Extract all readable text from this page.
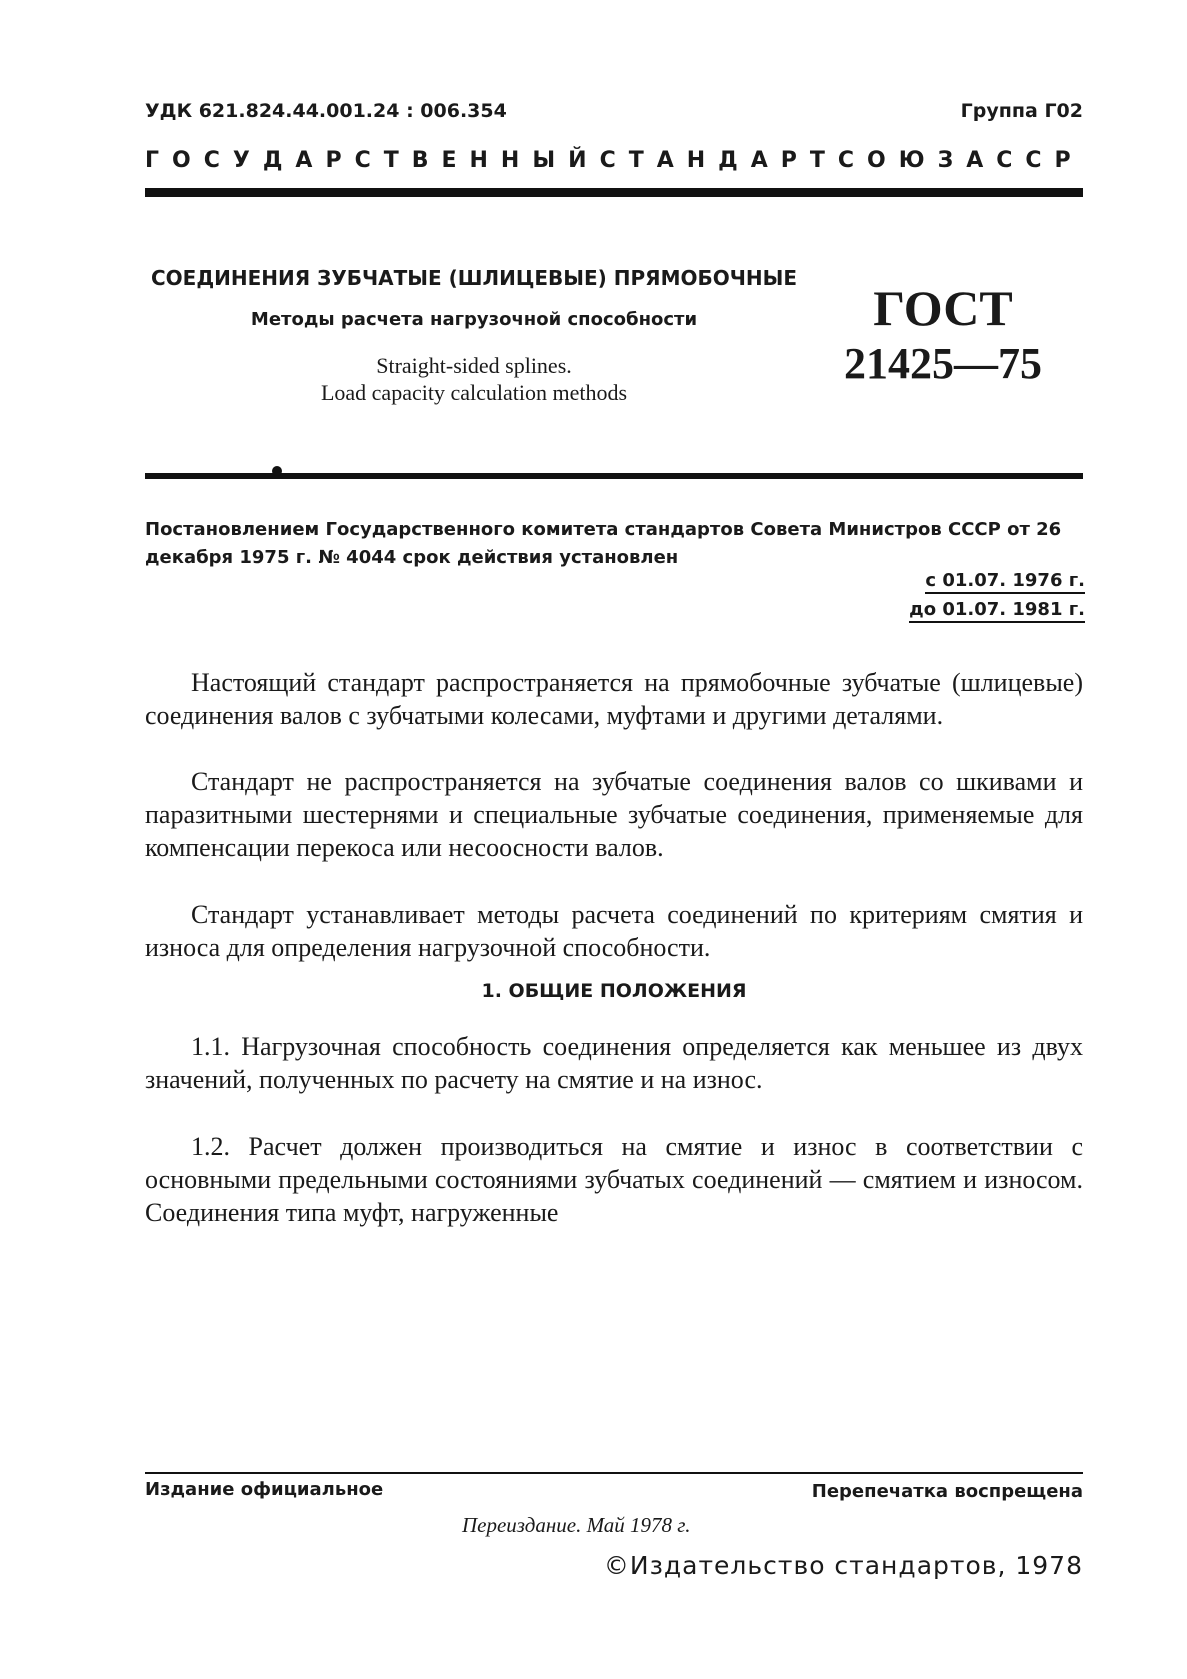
УДК 621.824.44.001.24 : 006.354	Группа Г02
ГОСУДАРСТВЕННЫЙ СТАНДАРТ СОЮЗА ССР
СОЕДИНЕНИЯ ЗУБЧАТЫЕ (ШЛИЦЕВЫЕ) ПРЯМОБОЧНЫЕ
Методы расчета нагрузочной способности
Straight-sided splines.
Load capacity calculation methods
ГОСТ
21425—75
Постановлением Государственного комитета стандартов Совета Министров СССР от 26 декабря 1975 г. № 4044 срок действия установлен
с 01.07. 1976 г.
до 01.07. 1981 г.
Настоящий стандарт распространяется на прямобочные зубчатые (шлицевые) соединения валов с зубчатыми колесами, муфтами и другими деталями.
Стандарт не распространяется на зубчатые соединения валов со шкивами и паразитными шестернями и специальные зубчатые соединения, применяемые для компенсации перекоса или несоосности валов.
Стандарт устанавливает методы расчета соединений по критериям смятия и износа для определения нагрузочной способности.
1. ОБЩИЕ ПОЛОЖЕНИЯ
1.1. Нагрузочная способность соединения определяется как меньшее из двух значений, полученных по расчету на смятие и на износ.
1.2. Расчет должен производиться на смятие и износ в соответствии с основными предельными состояниями зубчатых соединений — смятием и износом. Соединения типа муфт, нагруженные
Издание официальное	Перепечатка воспрещена
Переиздание. Май 1978 г.
©Издательство стандартов, 1978
